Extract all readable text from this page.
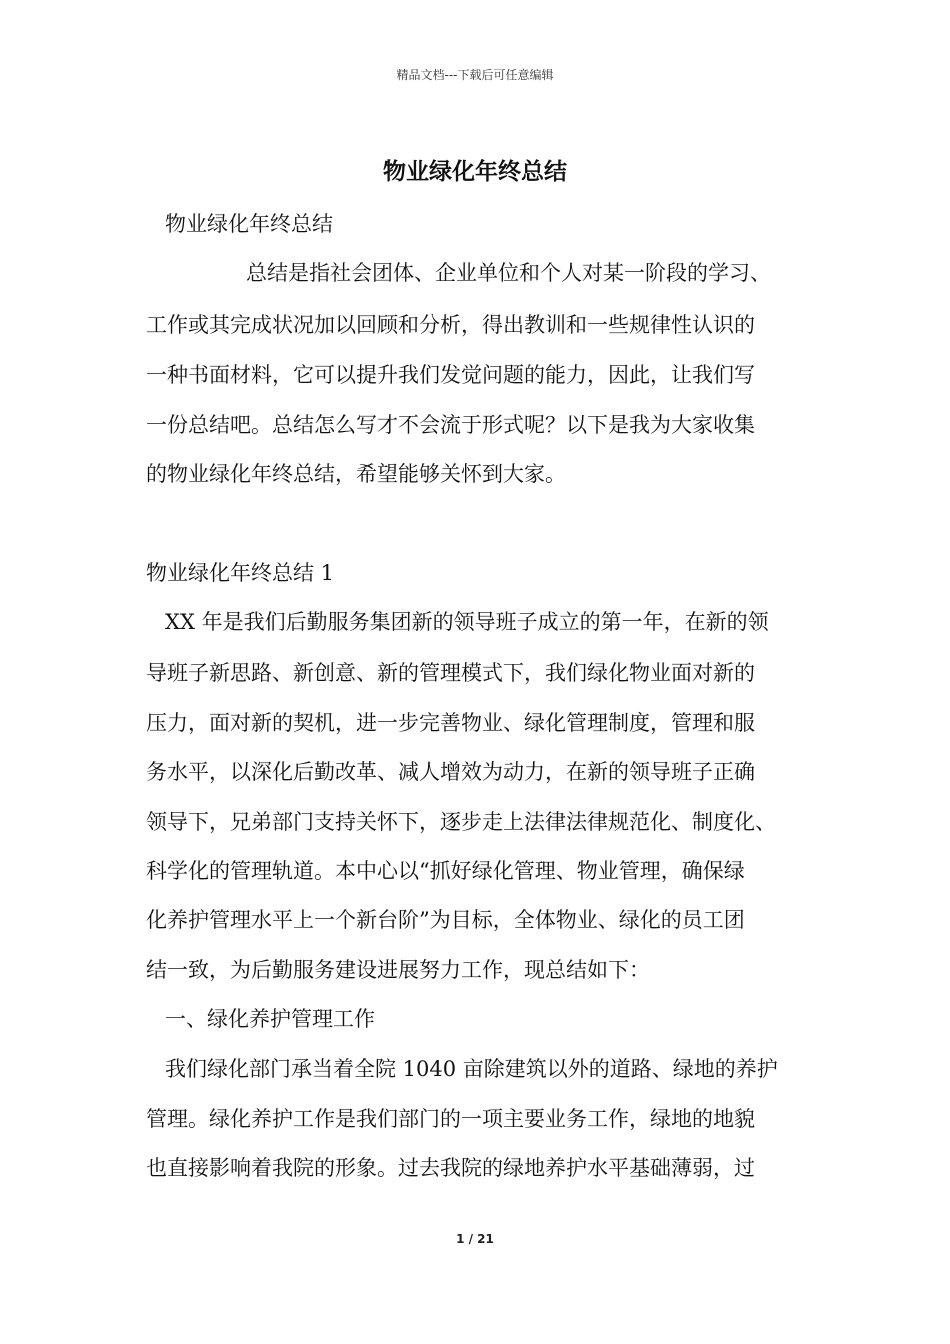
精品文档---下载后可任意编辑
物业绿化年终总结
物业绿化年终总结
总结是指社会团体、企业单位和个人对某一阶段的学习、
工作或其完成状况加以回顾和分析，得出教训和一些规律性认识的
一种书面材料，它可以提升我们发觉问题的能力，因此，让我们写
一份总结吧。总结怎么写才不会流于形式呢？以下是我为大家收集
的物业绿化年终总结，希望能够关怀到大家。
物业绿化年终总结 1
XX 年是我们后勤服务集团新的领导班子成立的第一年，在新的领
导班子新思路、新创意、新的管理模式下，我们绿化物业面对新的
压力，面对新的契机，进一步完善物业、绿化管理制度，管理和服
务水平，以深化后勤改革、减人增效为动力，在新的领导班子正确
领导下，兄弟部门支持关怀下，逐步走上法律法律规范化、制度化、
科学化的管理轨道。本中心以“抓好绿化管理、物业管理，确保绿
化养护管理水平上一个新台阶”为目标，全体物业、绿化的员工团
结一致，为后勤服务建设进展努力工作，现总结如下：
一、绿化养护管理工作
我们绿化部门承当着全院 1040 亩除建筑以外的道路、绿地的养护
管理。绿化养护工作是我们部门的一项主要业务工作，绿地的地貌
也直接影响着我院的形象。过去我院的绿地养护水平基础薄弱，过
1 / 21
